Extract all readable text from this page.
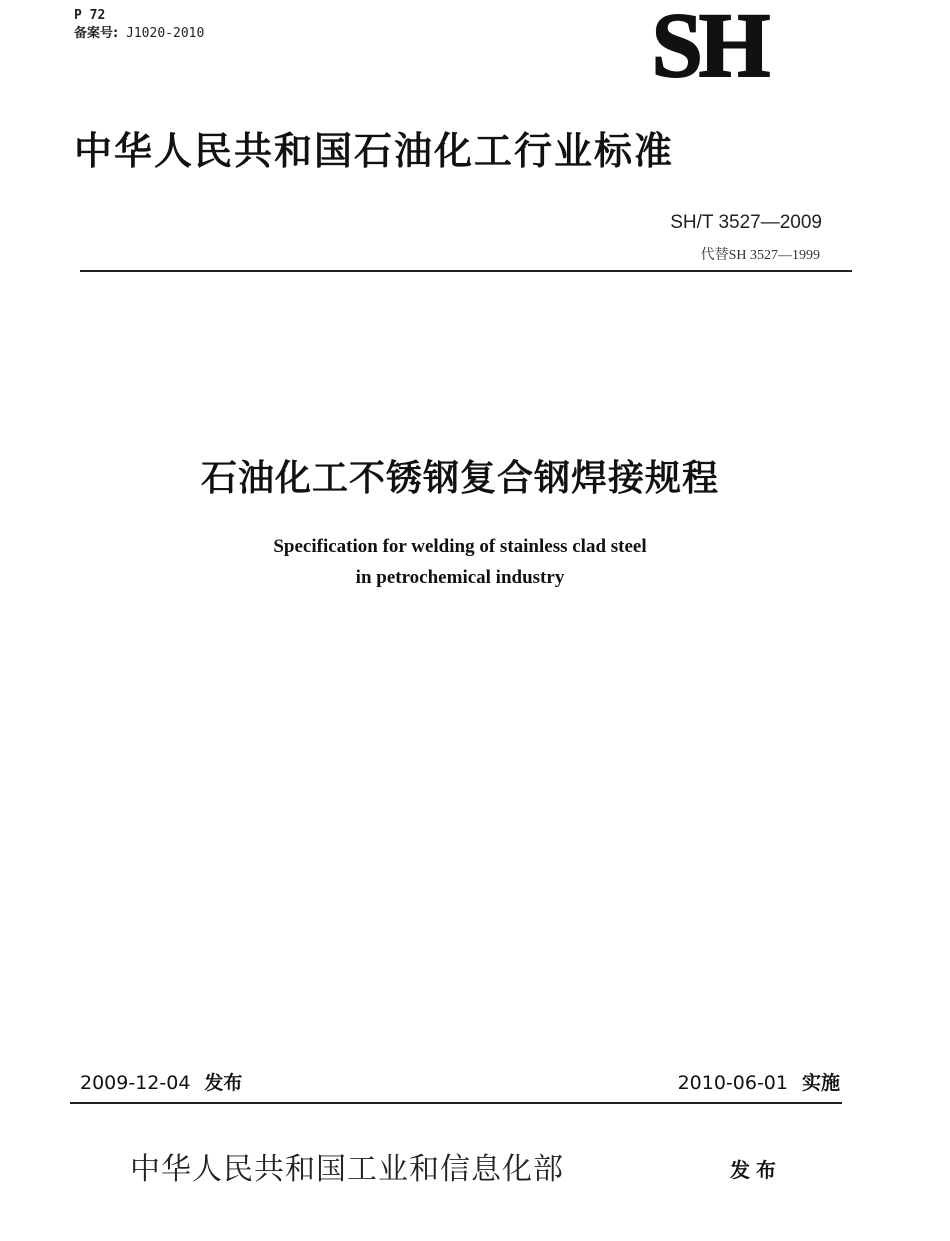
P 72
备案号: J1020-2010	SH
中华人民共和国石油化工行业标准
SH/T 3527—2009
代替SH 3527—1999
石油化工不锈钢复合钢焊接规程
Specification for welding of stainless clad steel
in petrochemical industry
2009-12-04 发布	2010-06-01 实施
中华人民共和国工业和信息化部	发布
